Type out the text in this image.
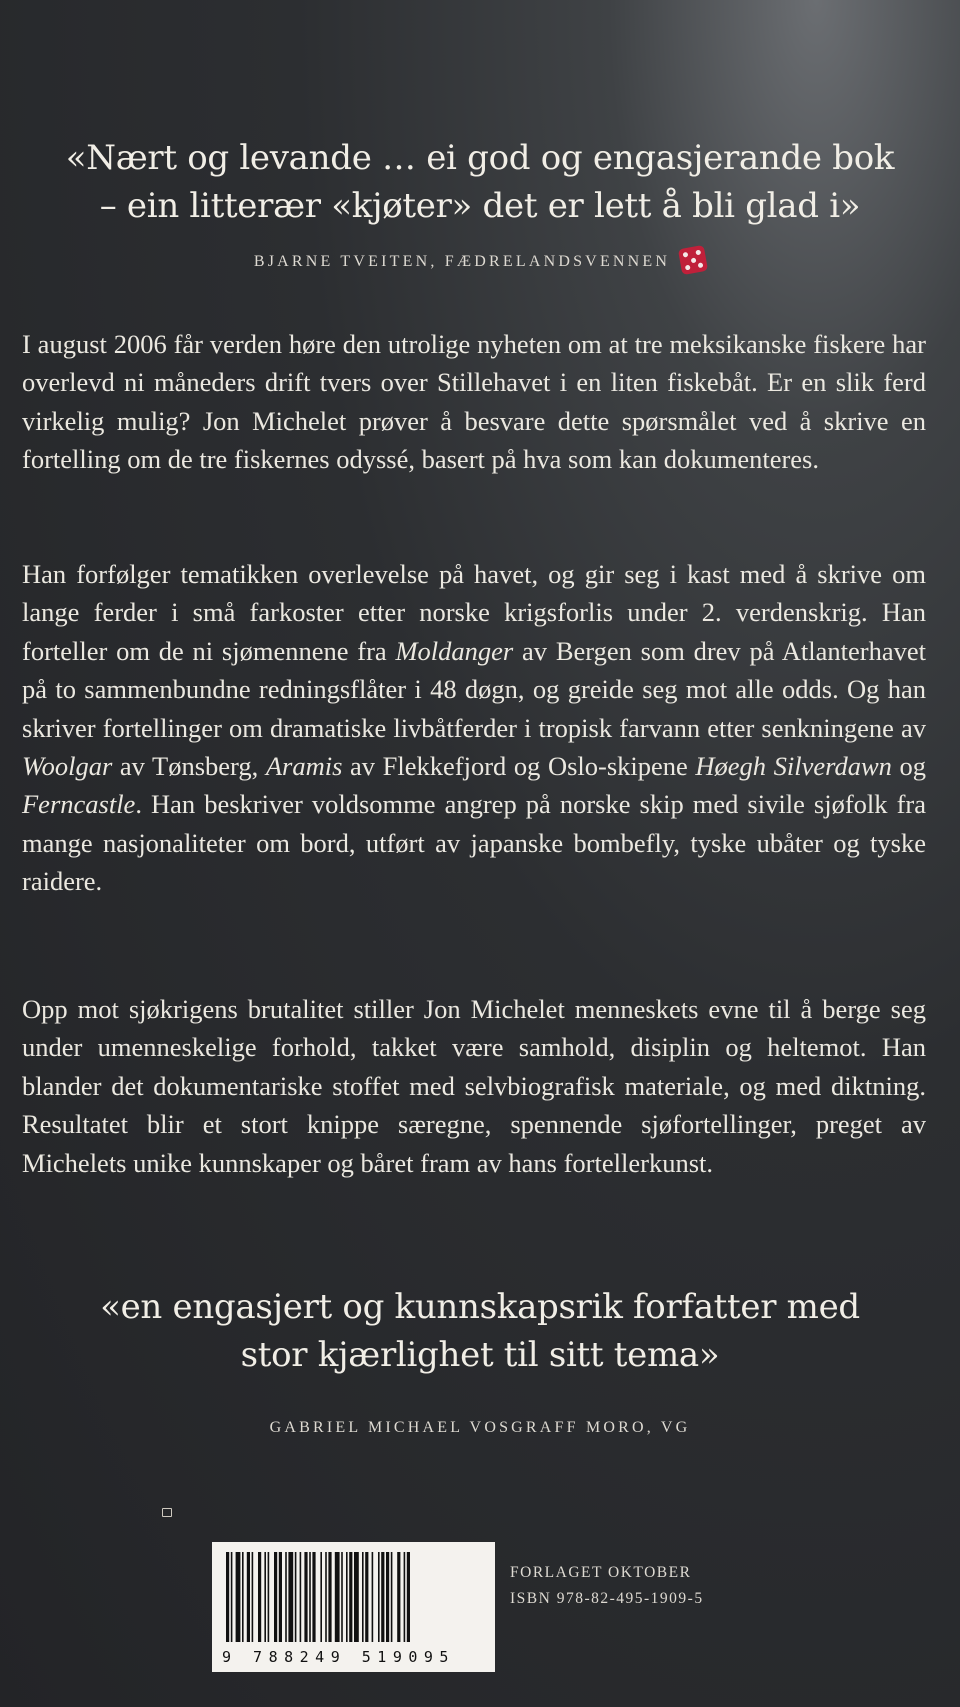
«Nært og levande … ei god og engasjerande bok
– ein litterær «kjøter» det er lett å bli glad i»
BJARNE TVEITEN, FÆDRELANDSVENNEN
I august 2006 får verden høre den utrolige nyheten om at tre meksikanske fiskere har overlevd ni måneders drift tvers over Stillehavet i en liten fiskebåt. Er en slik ferd virkelig mulig? Jon Michelet prøver å besvare dette spørsmålet ved å skrive en fortelling om de tre fiskernes odyssé, basert på hva som kan dokumenteres.
Han forfølger tematikken overlevelse på havet, og gir seg i kast med å skrive om lange ferder i små farkoster etter norske krigsforlis under 2. verdenskrig. Han forteller om de ni sjømennene fra Moldanger av Bergen som drev på Atlanterhavet på to sammenbundne redningsflåter i 48 døgn, og greide seg mot alle odds. Og han skriver fortellinger om dramatiske livbåtferder i tropisk farvann etter senkningene av Woolgar av Tønsberg, Aramis av Flekkefjord og Oslo-skipene Høegh Silverdawn og Ferncastle. Han beskriver voldsomme angrep på norske skip med sivile sjøfolk fra mange nasjonaliteter om bord, utført av japanske bombefly, tyske ubåter og tyske raidere.
Opp mot sjøkrigens brutalitet stiller Jon Michelet menneskets evne til å berge seg under umenneskelige forhold, takket være samhold, disiplin og heltemot. Han blander det dokumentariske stoffet med selvbiografisk materiale, og med diktning. Resultatet blir et stort knippe særegne, spennende sjøfortellinger, preget av Michelets unike kunnskaper og båret fram av hans fortellerkunst.
«en engasjert og kunnskapsrik forfatter med
stor kjærlighet til sitt tema»
GABRIEL MICHAEL VOSGRAFF MORO, VG
9 788249 519095
FORLAGET OKTOBER
ISBN 978-82-495-1909-5
